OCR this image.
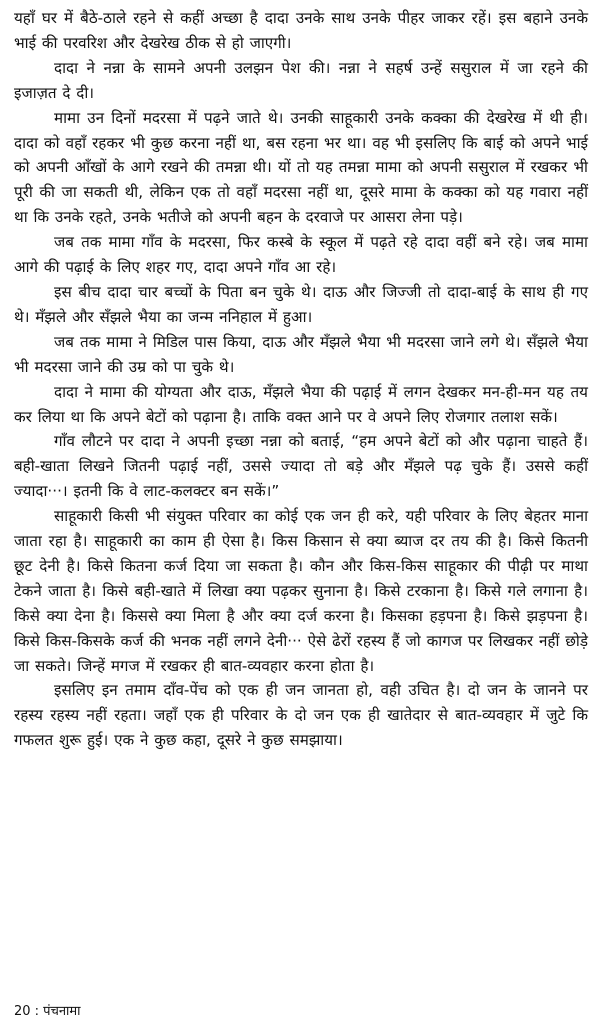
यहाँ घर में बैठे-ठाले रहने से कहीं अच्छा है दादा उनके साथ उनके पीहर जाकर रहें। इस बहाने उनके भाई की परवरिश और देखरेख ठीक से हो जाएगी।

दादा ने नन्ना के सामने अपनी उलझन पेश की। नन्ना ने सहर्ष उन्हें ससुराल में जा रहने की इजाज़त दे दी।

मामा उन दिनों मदरसा में पढ़ने जाते थे। उनकी साहूकारी उनके कक्का की देखरेख में थी ही। दादा को वहाँ रहकर भी कुछ करना नहीं था, बस रहना भर था। वह भी इसलिए कि बाई को अपने भाई को अपनी आँखों के आगे रखने की तमन्ना थी। यों तो यह तमन्ना मामा को अपनी ससुराल में रखकर भी पूरी की जा सकती थी, लेकिन एक तो वहाँ मदरसा नहीं था, दूसरे मामा के कक्का को यह गवारा नहीं था कि उनके रहते, उनके भतीजे को अपनी बहन के दरवाजे पर आसरा लेना पड़े।

जब तक मामा गाँव के मदरसा, फिर कस्बे के स्कूल में पढ़ते रहे दादा वहीं बने रहे। जब मामा आगे की पढ़ाई के लिए शहर गए, दादा अपने गाँव आ रहे।

इस बीच दादा चार बच्चों के पिता बन चुके थे। दाऊ और जिज्जी तो दादा-बाई के साथ ही गए थे। मँझले और सँझले भैया का जन्म ननिहाल में हुआ।

जब तक मामा ने मिडिल पास किया, दाऊ और मँझले भैया भी मदरसा जाने लगे थे। सँझले भैया भी मदरसा जाने की उम्र को पा चुके थे।

दादा ने मामा की योग्यता और दाऊ, मँझले भैया की पढ़ाई में लगन देखकर मन-ही-मन यह तय कर लिया था कि अपने बेटों को पढ़ाना है। ताकि वक्त आने पर वे अपने लिए रोजगार तलाश सकें।

गाँव लौटने पर दादा ने अपनी इच्छा नन्ना को बताई, “हम अपने बेटों को और पढ़ाना चाहते हैं। बही-खाता लिखने जितनी पढ़ाई नहीं, उससे ज्यादा तो बड़े और मँझले पढ़ चुके हैं। उससे कहीं ज्यादा···। इतनी कि वे लाट-कलक्टर बन सकें।”

साहूकारी किसी भी संयुक्त परिवार का कोई एक जन ही करे, यही परिवार के लिए बेहतर माना जाता रहा है। साहूकारी का काम ही ऐसा है। किस किसान से क्या ब्याज दर तय की है। किसे कितनी छूट देनी है। किसे कितना कर्ज दिया जा सकता है। कौन और किस-किस साहूकार की पीढ़ी पर माथा टेकने जाता है। किसे बही-खाते में लिखा क्या पढ़कर सुनाना है। किसे टरकाना है। किसे गले लगाना है। किसे क्या देना है। किससे क्या मिला है और क्या दर्ज करना है। किसका हड़पना है। किसे झड़पना है। किसे किस-किसके कर्ज की भनक नहीं लगने देनी··· ऐसे ढेरों रहस्य हैं जो कागज पर लिखकर नहीं छोड़े जा सकते। जिन्हें मगज में रखकर ही बात-व्यवहार करना होता है।

इसलिए इन तमाम दाँव-पेंच को एक ही जन जानता हो, वही उचित है। दो जन के जानने पर रहस्य रहस्य नहीं रहता। जहाँ एक ही परिवार के दो जन एक ही खातेदार से बात-व्यवहार में जुटे कि गफलत शुरू हुई। एक ने कुछ कहा, दूसरे ने कुछ समझाया।

20 : पंचनामा
